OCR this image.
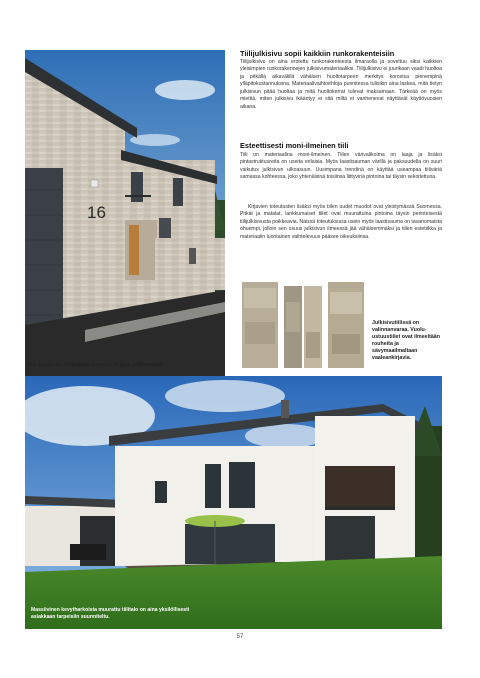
16
Utu Vuolu on ilmeeltään kauniin kirjava julkisivutiili.
Tiilijulkisivu sopii kaikkiin runkorakenteisiin

Tiilijulkisivu on aina erotettu runkorakenteesta ilmaraolla ja soveltuu siksi kaikkien yleisimpien runkorakennejen julkisivumateriaaliksi. Tiilijulkisivu ei juurikaan vaadi huoltoa ja pitkällä aikavälillä vähäisen huoltotarpeen merkitys korostuu pienempinä ylläpitokustannuksina. Materiaalivaihtoehtoja punnitessa tulisikin aina laskea, mitä tietyn julkisivun pitää huoltaa ja mitä huoltokerrat tulevat maksamaan. Tärkeää on myös miettiä, miten julkisivu ikääntyy ei sitä miltä ei vanhenevat näyttävät käyttövuosien aikana.

Esteettisesti moni-ilmeinen tiili

Tiili on materiaalina moni-ilmeinen. Tiilen värivalikoima on laaja ja lisäksi pintastruktuureita on useita erilaisia. Myös laastisauman värillä ja paksuudella on suuri vaikutus julkisivun ulkoasuun. Uusimpana trendinä on käyttää useampaa tiiliväriä samassa kohteessa, joko yhtenäisinä toisiinsa liittyvinä pintoina tai täysin sekoitettuna.

Kirjavien toteutusten lisäksi myös tiilen uudet muodot ovat yleistymässä Suomessa. Pitkät ja matalat, lankkumaiset tiilet ovat muurattuina pintoina täysin perinteisestä tiilijulkisivusta poikkeavia. Näissä toteutuksissa usein myös laastisauma on tavanomaista ohuempi, jolloin sen osuus julkisivun ilmeessä jää vähäisemmäksi ja tiilen estetiikka ja materiaalin luontainen vaihtelevuus pääsee oikeuksiinsa.

Julkisivutiilissä on valinnanvaraa. Vuolu-ustuustiilet ovat ilmeeltään rouheita ja sävymaailmaltaan vaaleankirjavia.
Massiivinen kevytharkoista muurattu tiilitalo on aina yksilöllisesti asiakkaan tarpeisiin suunniteltu.
57
